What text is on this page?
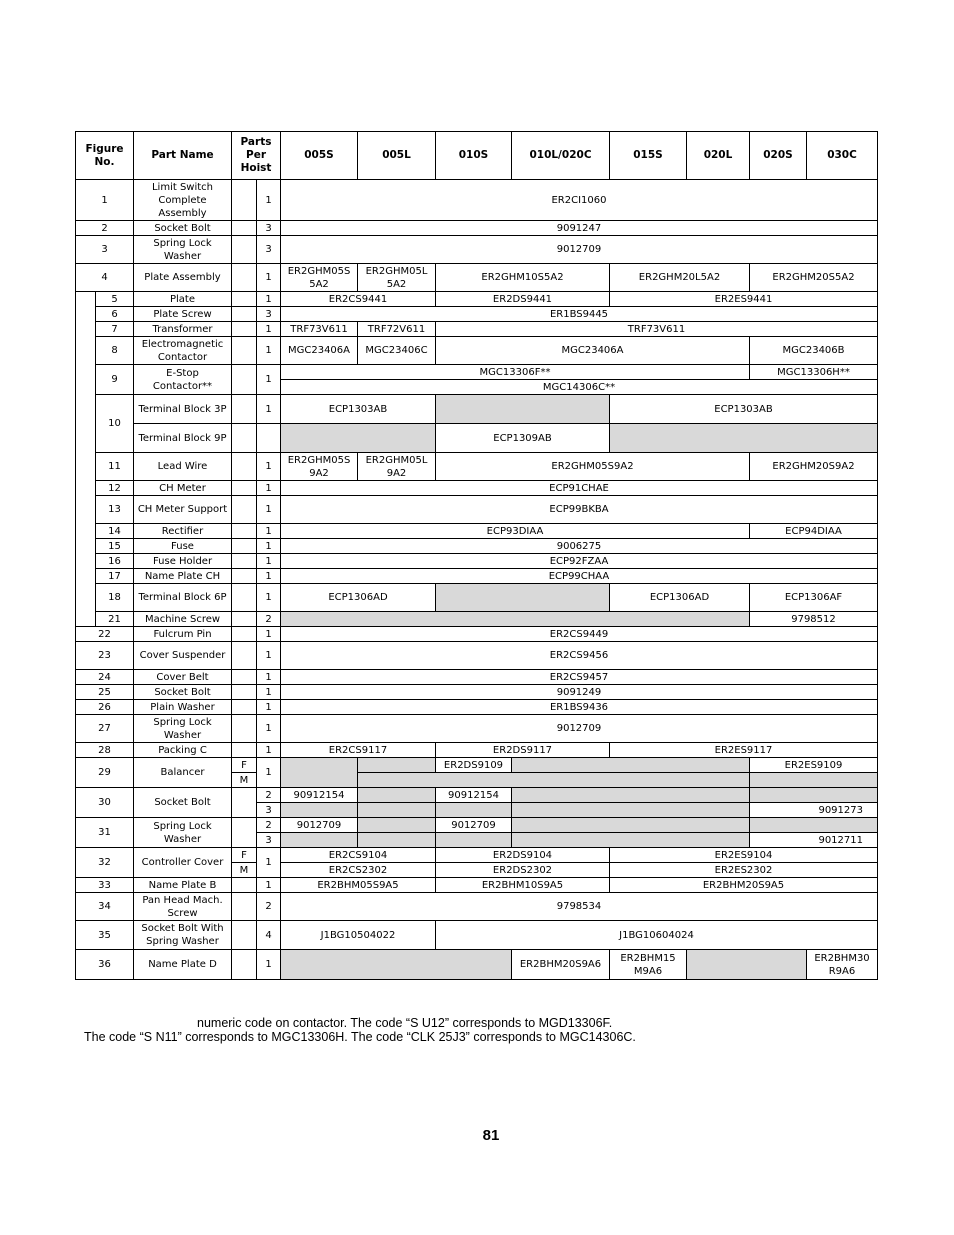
Figure No.		Part Name	Parts Per Hoist		005S	005L	010S	010L/020C	015S	020L	020S	030C
1		Limit Switch Complete Assembly		1	ER2CI1060							
2		Socket Bolt		3	9091247							
3		Spring Lock Washer		3	9012709							
4		Plate Assembly		1	ER2GHM05S 5A2	ER2GHM05L 5A2	ER2GHM10S5A2		ER2GHM20L5A2		ER2GHM20S5A2	
	5	Plate		1	ER2CS9441		ER2DS9441		ER2ES9441			
	6	Plate Screw		3	ER1BS9445							
	7	Transformer		1	TRF73V611	TRF72V611	TRF73V611					
	8	Electromagnetic Contactor		1	MGC23406A	MGC23406C	MGC23406A				MGC23406B	
	9	E-Stop Contactor**		1	MGC13306F**						MGC13306H**	
					MGC14306C**							
	10	Terminal Block 3P		1	ECP1303AB				ECP1303AB			
		Terminal Block 9P					ECP1309AB					
	11	Lead Wire		1	ER2GHM05S 9A2	ER2GHM05L 9A2	ER2GHM05S9A2				ER2GHM20S9A2	
	12	CH Meter		1	ECP91CHAE							
	13	CH Meter Support		1	ECP99BKBA							
	14	Rectifier		1	ECP93DIAA						ECP94DIAA	
	15	Fuse		1	9006275							
	16	Fuse Holder		1	ECP92FZAA							
	17	Name Plate CH		1	ECP99CHAA							
	18	Terminal Block 6P		1	ECP1306AD				ECP1306AD		ECP1306AF	
	21	Machine Screw		2							9798512	
22		Fulcrum Pin		1	ER2CS9449							
23		Cover Suspender		1	ER2CS9456							
24		Cover Belt		1	ER2CS9457							
25		Socket Bolt		1	9091249							
26		Plain Washer		1	ER1BS9436							
27		Spring Lock Washer		1	9012709							
28		Packing C		1	ER2CS9117		ER2DS9117		ER2ES9117			
29		Balancer	F	1			ER2DS9109				ER2ES9109	
			M									
30		Socket Bolt		2	90912154		90912154					
				3							9091273	
31		Spring Lock Washer		2	9012709		9012709					
				3							9012711	
32		Controller Cover	F	1	ER2CS9104		ER2DS9104		ER2ES9104			
			M		ER2CS2302		ER2DS2302		ER2ES2302			
33		Name Plate B		1	ER2BHM05S9A5		ER2BHM10S9A5		ER2BHM20S9A5			
34		Pan Head Mach. Screw		2	9798534							
35		Socket Bolt With Spring Washer		4	J1BG10504022		J1BG10604024					
36		Name Plate D		1				ER2BHM20S9A6	ER2BHM15 M9A6			ER2BHM30 R9A6
numeric code on contactor. The code “S U12” corresponds to MGD13306F.
The code “S N11” corresponds to MGC13306H. The code “CLK 25J3” corresponds to MGC14306C.
81
